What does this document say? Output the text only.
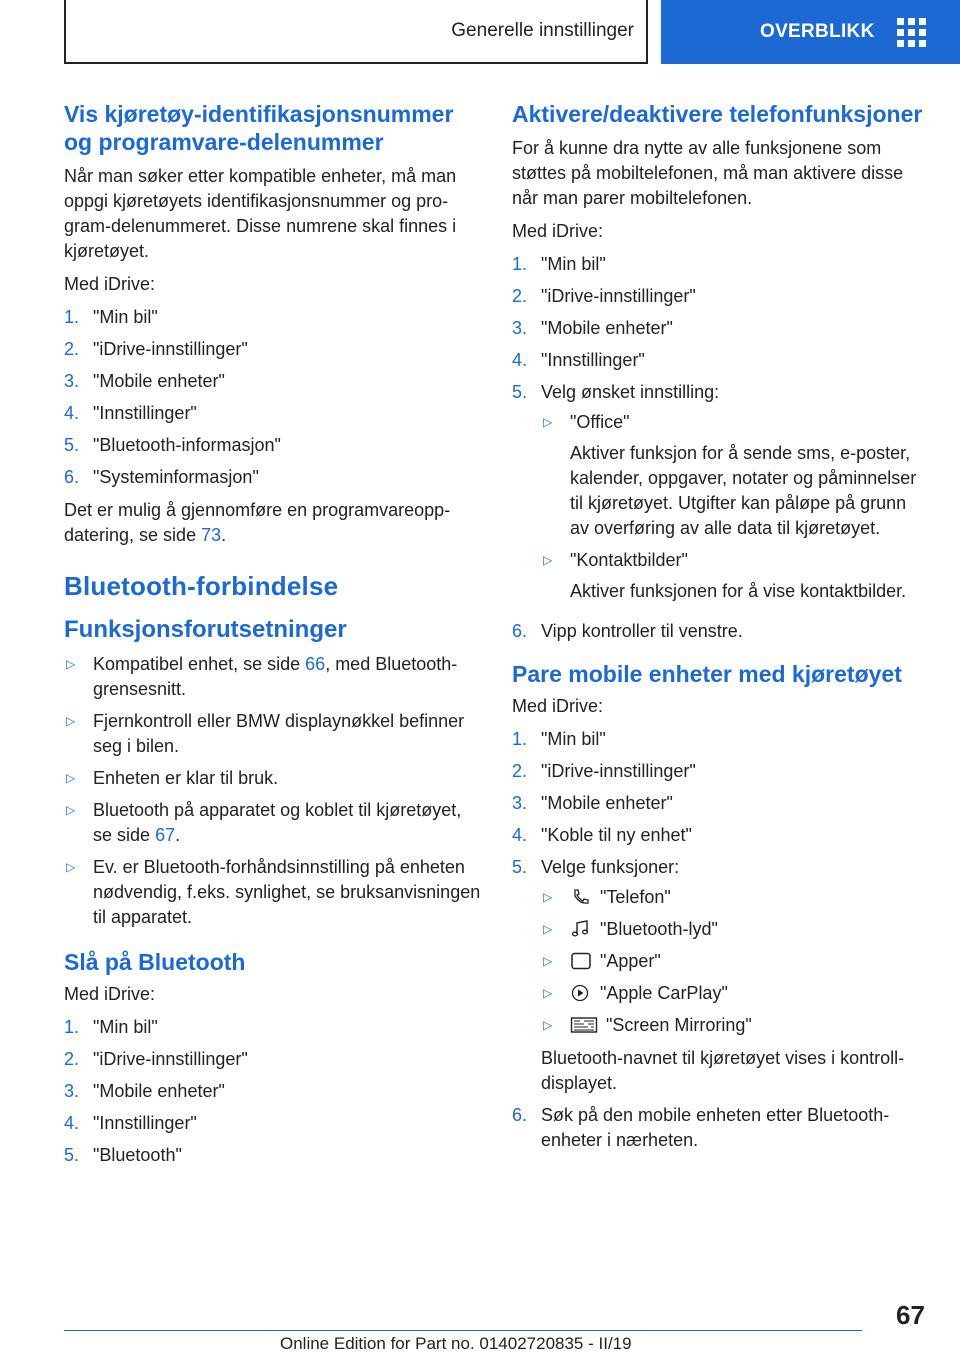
Generelle innstillinger	OVERBLIKK
Vis kjøretøy-identifikasjonsnummer og programvare-delenummer

Når man søker etter kompatible enheter, må man oppgi kjøretøyets identifikasjonsnummer og program-delenummeret. Disse numrene skal finnes i kjøretøyet.

Med iDrive:

1. "Min bil"
2. "iDrive-innstillinger"
3. "Mobile enheter"
4. "Innstillinger"
5. "Bluetooth-informasjon"
6. "Systeminformasjon"

Det er mulig å gjennomføre en programvareoppdatering, se side 73.

Bluetooth-forbindelse
Funksjonsforutsetninger
▷ Kompatibel enhet, se side 66, med Bluetooth-grensesnitt.
▷ Fjernkontroll eller BMW displaynøkkel befinner seg i bilen.
▷ Enheten er klar til bruk.
▷ Bluetooth på apparatet og koblet til kjøretøyet, se side 67.
▷ Ev. er Bluetooth-forhåndsinnstilling på enheten nødvendig, f.eks. synlighet, se bruksanvisningen til apparatet.
Slå på Bluetooth

Med iDrive:

1. "Min bil"
2. "iDrive-innstillinger"
3. "Mobile enheter"
4. "Innstillinger"
5. "Bluetooth"
Aktivere/deaktivere telefonfunksjoner

For å kunne dra nytte av alle funksjonene som støttes på mobiltelefonen, må man aktivere disse når man parer mobiltelefonen.

Med iDrive:

1. "Min bil"
2. "iDrive-innstillinger"
3. "Mobile enheter"
4. "Innstillinger"
5. Velg ønsket innstilling:
▷ "Office"
Aktiver funksjon for å sende sms, e-poster, kalender, oppgaver, notater og påminnelser til kjøretøyet. Utgifter kan påløpe på grunn av overføring av alle data til kjøretøyet.
▷ "Kontaktbilder"
Aktiver funksjonen for å vise kontaktbilder.
6. Vipp kontroller til venstre.
Pare mobile enheter med kjøretøyet

Med iDrive:

1. "Min bil"
2. "iDrive-innstillinger"
3. "Mobile enheter"
4. "Koble til ny enhet"
5. Velge funksjoner:
▷	"Telefon"
▷	"Bluetooth-lyd"
▷	"Apper"
▷	"Apple CarPlay"
▷	"Screen Mirroring"
Bluetooth-navnet til kjøretøyet vises i kontrolldisplayet.
6. Søk på den mobile enheten etter Bluetooth-enheter i nærheten.
67
Online Edition for Part no. 01402720835 - II/19
